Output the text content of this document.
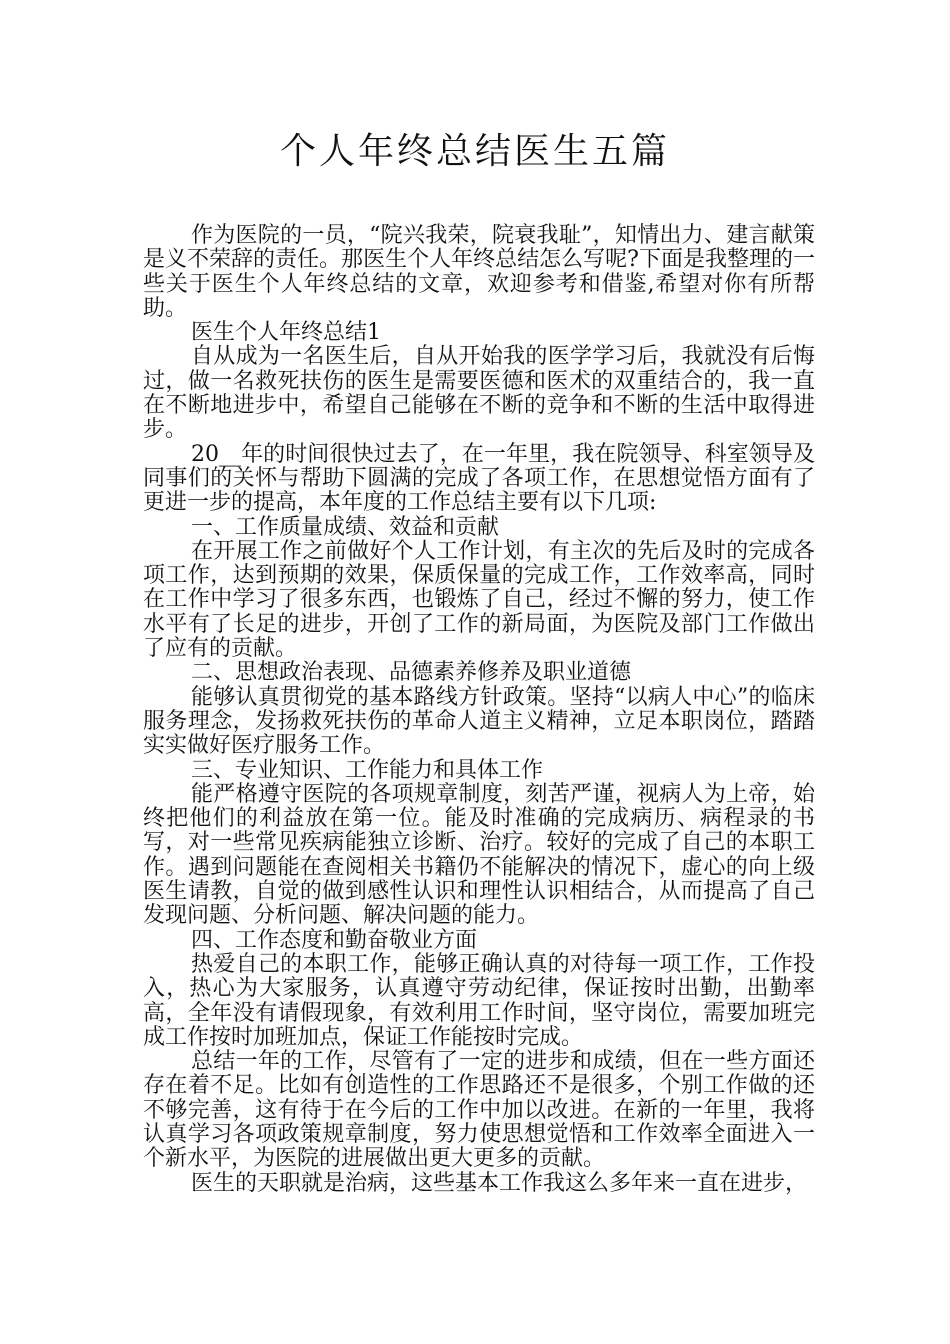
个人年终总结医生五篇

作为医院的一员，“院兴我荣，院衰我耻”，知情出力、建言献策是义不荣辞的责任。那医生个人年终总结怎么写呢?下面是我整理的一些关于医生个人年终总结的文章，欢迎参考和借鉴,希望对你有所帮助。

医生个人年终总结1

自从成为一名医生后，自从开始我的医学学习后，我就没有后悔过，做一名救死扶伤的医生是需要医德和医术的双重结合的，我一直在不断地进步中，希望自己能够在不断的竞争和不断的生活中取得进步。

20__年的时间很快过去了，在一年里，我在院领导、科室领导及同事们的关怀与帮助下圆满的完成了各项工作，在思想觉悟方面有了更进一步的提高，本年度的工作总结主要有以下几项:

一、工作质量成绩、效益和贡献

在开展工作之前做好个人工作计划，有主次的先后及时的完成各项工作，达到预期的效果，保质保量的完成工作，工作效率高，同时在工作中学习了很多东西，也锻炼了自己，经过不懈的努力，使工作水平有了长足的进步，开创了工作的新局面，为医院及部门工作做出了应有的贡献。

二、思想政治表现、品德素养修养及职业道德

能够认真贯彻党的基本路线方针政策。坚持“以病人中心”的临床服务理念，发扬救死扶伤的革命人道主义精神，立足本职岗位，踏踏实实做好医疗服务工作。

三、专业知识、工作能力和具体工作

能严格遵守医院的各项规章制度，刻苦严谨，视病人为上帝，始终把他们的利益放在第一位。能及时准确的完成病历、病程录的书写，对一些常见疾病能独立诊断、治疗。较好的完成了自己的本职工作。遇到问题能在查阅相关书籍仍不能解决的情况下，虚心的向上级医生请教，自觉的做到感性认识和理性认识相结合，从而提高了自己发现问题、分析问题、解决问题的能力。

四、工作态度和勤奋敬业方面

热爱自己的本职工作，能够正确认真的对待每一项工作，工作投入，热心为大家服务，认真遵守劳动纪律，保证按时出勤，出勤率高，全年没有请假现象，有效利用工作时间，坚守岗位，需要加班完成工作按时加班加点，保证工作能按时完成。

总结一年的工作，尽管有了一定的进步和成绩，但在一些方面还存在着不足。比如有创造性的工作思路还不是很多，个别工作做的还不够完善，这有待于在今后的工作中加以改进。在新的一年里，我将认真学习各项政策规章制度，努力使思想觉悟和工作效率全面进入一个新水平，为医院的进展做出更大更多的贡献。

医生的天职就是治病，这些基本工作我这么多年来一直在进步，
